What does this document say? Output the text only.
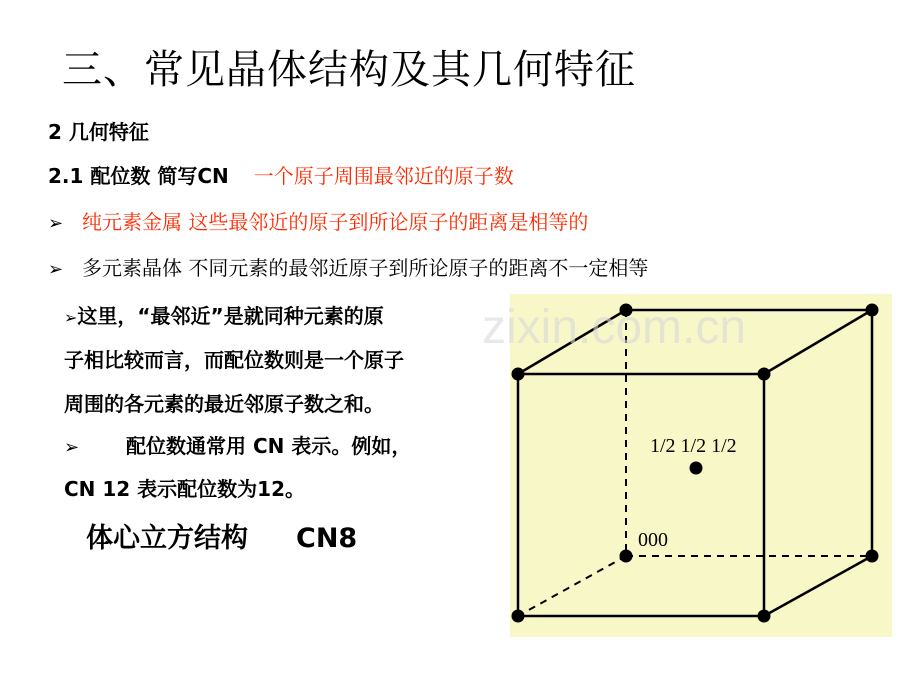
三、常见晶体结构及其几何特征
2 几何特征
2.1 配位数 简写CN 一个原子周围最邻近的原子数
➢ 纯元素金属 这些最邻近的原子到所论原子的距离是相等的
➢ 多元素晶体 不同元素的最邻近原子到所论原子的距离不一定相等
➢这里，“最邻近”是就同种元素的原
子相比较而言，而配位数则是一个原子
周围的各元素的最近邻原子数之和。
➢ 配位数通常用 CN 表示。例如，
CN 12 表示配位数为12。
体心立方结构 CN8
1/2 1/2 1/2
000
zixin.com.cn
